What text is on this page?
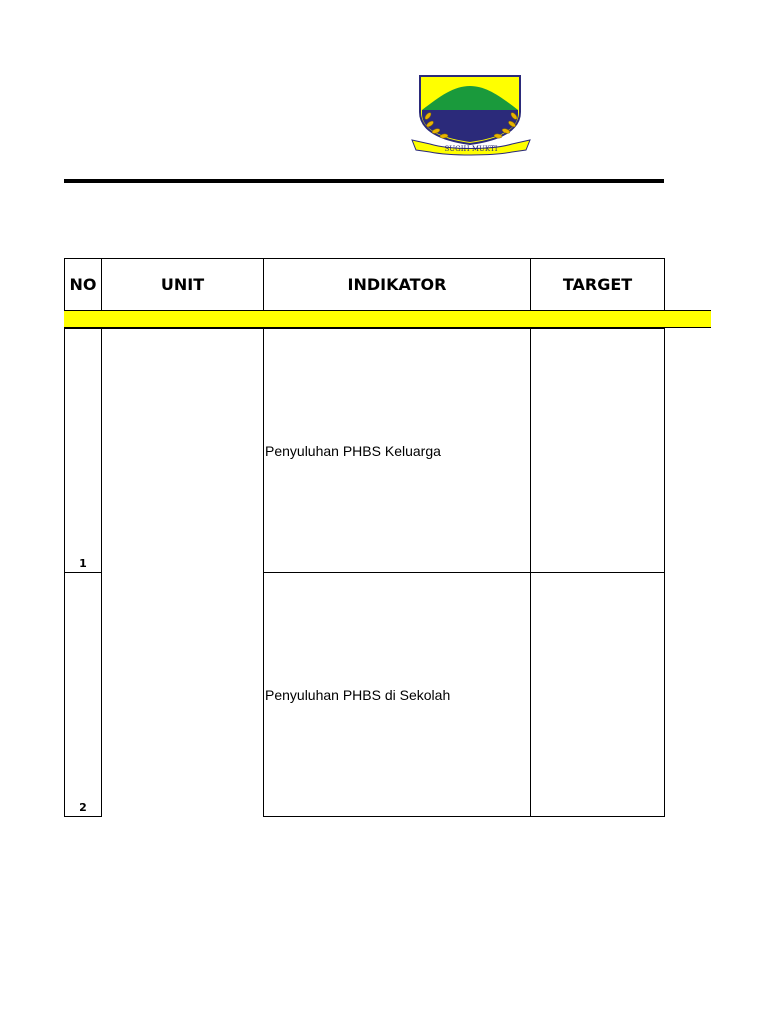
SUGIH MUKTI
NO	UNIT	INDIKATOR	TARGET

1		Penyuluhan PHBS Keluarga	
2		Penyuluhan PHBS di Sekolah	
